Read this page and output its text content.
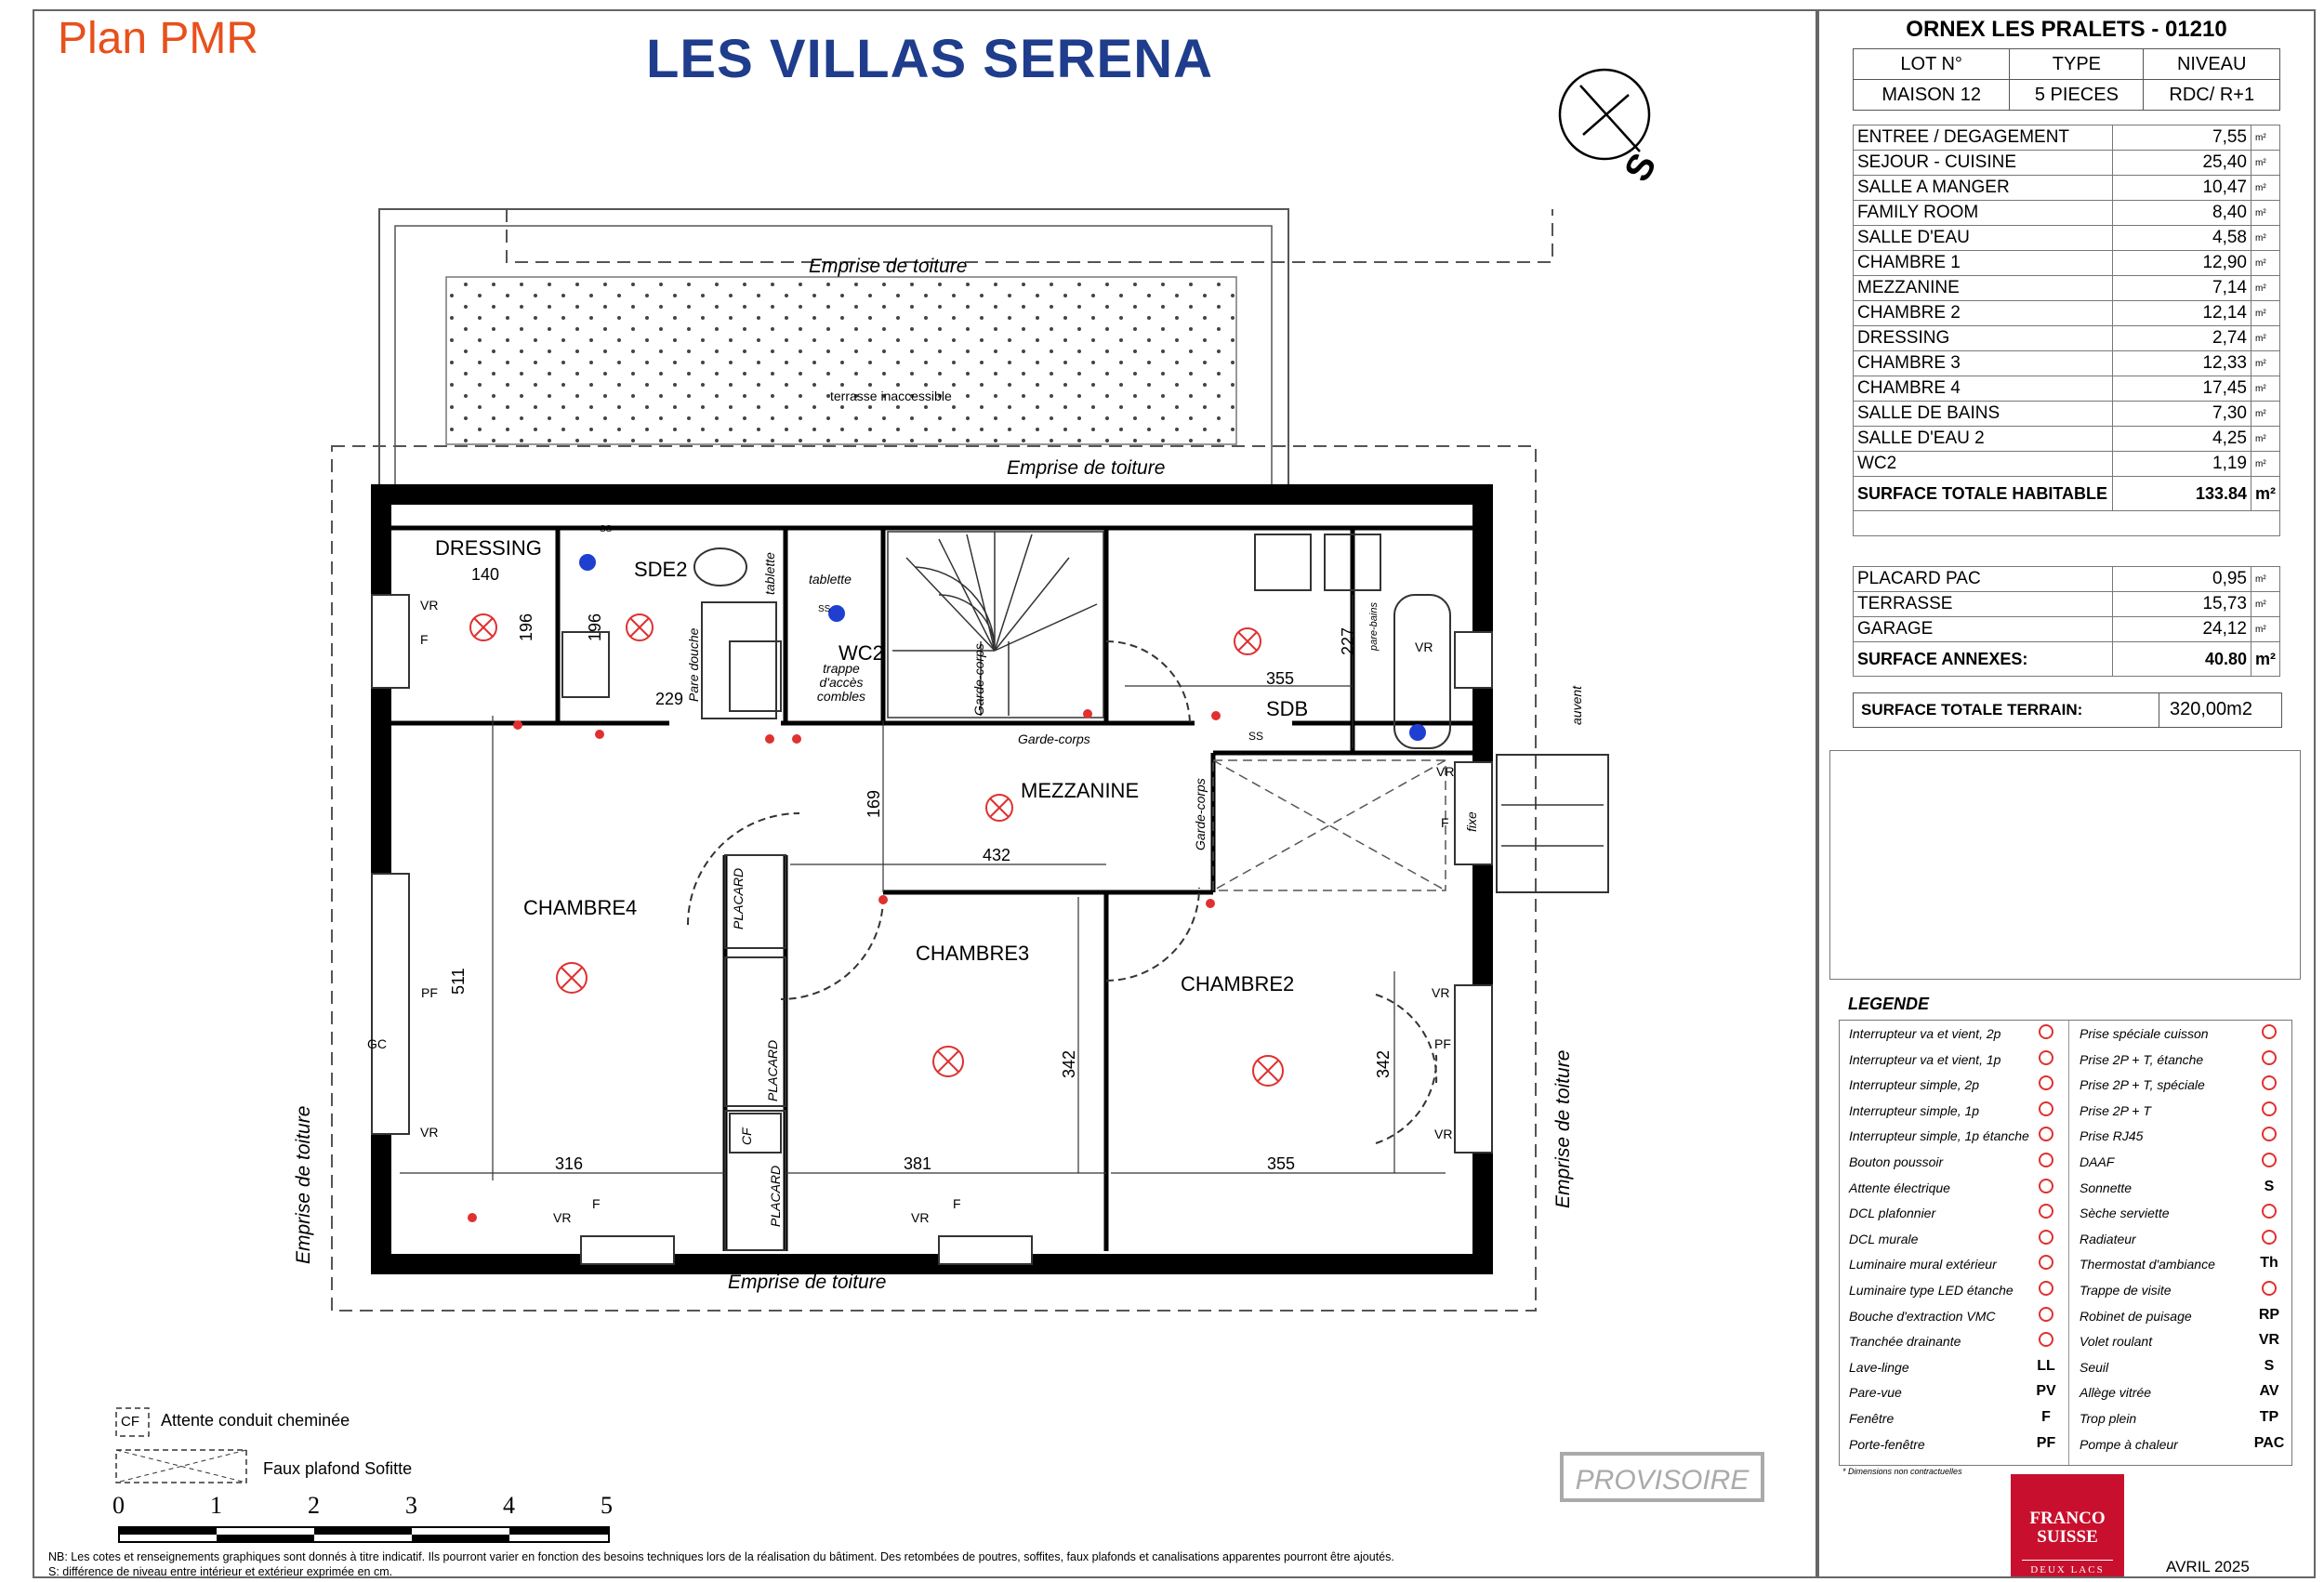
Plan PMR	LES VILLAS SERENA
DRESSING
SDE2
WC2
SDB
MEZZANINE
CHAMBRE4
CHAMBRE3
CHAMBRE2
140
196	196
229
227
355
169
432
511
342	342
316	381	355
Emprise de toiture
Emprise de toiture
Emprise de toiture
Emprise de toiture	Emprise de toiture
terrasse inaccessible
tablette tablette
trappe
d'accès
combles
Pare douche
pare-bains
Garde-corps
Garde-corps
Garde-corps
PLACARD
PLACARD
PLACARD
CF
auvent
fixe
SS
SS
SS
VR
VR
VR	VR
VR
VR
VR
VR
F
F	F
F
PF
PF
GC
S
CF Attente conduit cheminée
Faux plafond Sofitte
0	1	2	3	4	5
PROVISOIRE
NB: Les cotes et renseignements graphiques sont donnés à titre indicatif. Ils pourront varier en fonction des besoins techniques lors de la réalisation du bâtiment. Des retombées de poutres, soffites, faux plafonds et canalisations apparentes pourront être ajoutés.
S: différence de niveau entre intérieur et extérieur exprimée en cm.
ORNEX LES PRALETS - 01210
LOT N°	TYPE	NIVEAU
MAISON 12	5 PIECES	RDC/ R+1
ENTREE / DEGAGEMENT	7,55	m²
SEJOUR - CUISINE	25,40	m²
SALLE A MANGER	10,47	m²
FAMILY ROOM	8,40	m²
SALLE D'EAU	4,58	m²
CHAMBRE 1	12,90	m²
MEZZANINE	7,14	m²
CHAMBRE 2	12,14	m²
DRESSING	2,74	m²
CHAMBRE 3	12,33	m²
CHAMBRE 4	17,45	m²
SALLE DE BAINS	7,30	m²
SALLE D'EAU 2	4,25	m²
WC2	1,19	m²
SURFACE TOTALE HABITABLE	133.84	m²

PLACARD PAC	0,95	m²
TERRASSE	15,73	m²
GARAGE	24,12	m²
SURFACE ANNEXES:	40.80	m²
SURFACE TOTALE TERRAIN:	320,00m2
LEGENDE
Interrupteur va et vient, 2p
Interrupteur va et vient, 1p
Interrupteur simple, 2p
Interrupteur simple, 1p
Interrupteur simple, 1p étanche
Bouton poussoir
Attente électrique
DCL plafonnier
DCL murale
Luminaire mural extérieur
Luminaire type LED étanche
Bouche d'extraction VMC
Tranchée drainante
Lave-linge	LL
Pare-vue	PV
Fenêtre	F
Porte-fenêtre	PF
Prise spéciale cuisson
Prise 2P + T, étanche
Prise 2P + T, spéciale
Prise 2P + T
Prise RJ45
DAAF
Sonnette	S
Sèche serviette
Radiateur
Thermostat d'ambiance	Th
Trappe de visite
Robinet de puisage	RP
Volet roulant	VR
Seuil	S
Allège vitrée	AV
Trop plein	TP
Pompe à chaleur	PAC
* Dimensions non contractuelles
FRANCO
SUISSE
DEUX LACS	AVRIL 2025
